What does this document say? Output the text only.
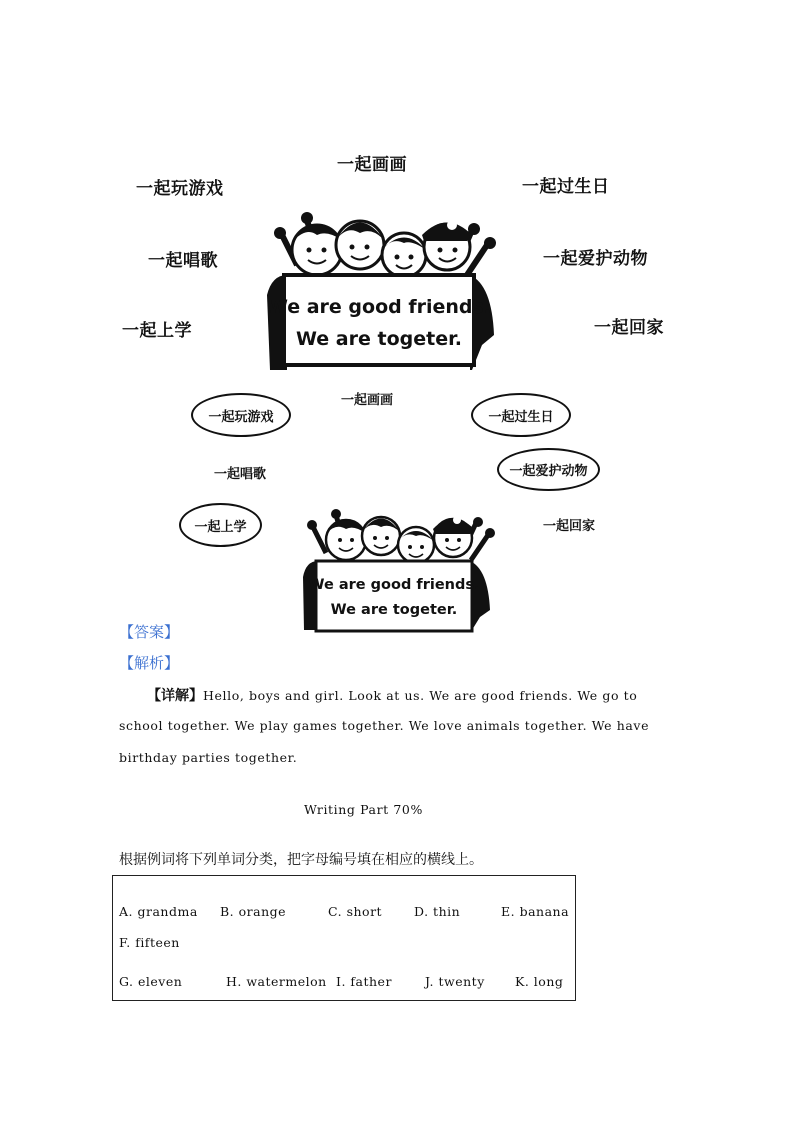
一起画画
一起玩游戏
一起唱歌
一起上学
一起过生日
一起爱护动物
一起回家
We are good friends.
We are togeter.
一起画画
一起玩游戏
一起唱歌
一起上学
一起过生日
一起爱护动物
一起回家
We are good friends.
We are togeter.
【答案】
【解析】
【详解】Hello, boys and girl. Look at us. We are good friends. We go to
school together. We play games together. We love animals together. We have
birthday parties together.
Writing Part 70%
根据例词将下列单词分类，把字母编号填在相应的横线上。
A. grandma B. orange	C. short	D. thin	E. banana
F. fifteen
G. eleven	H. watermelon I. father	J. twenty K. long
